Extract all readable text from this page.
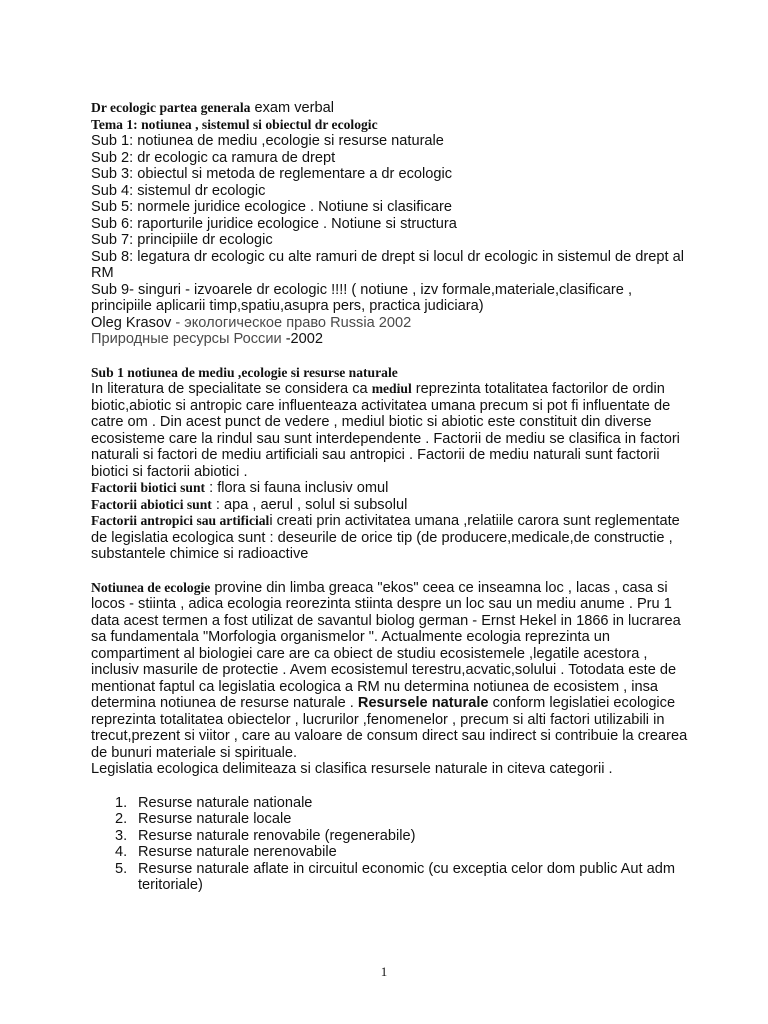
Dr ecologic partea generala exam verbal

Tema 1: notiunea , sistemul si obiectul dr ecologic

Sub 1: notiunea de mediu ,ecologie si resurse naturale

Sub 2: dr ecologic ca ramura de drept

Sub 3: obiectul si metoda de reglementare a dr ecologic

Sub 4: sistemul dr ecologic

Sub 5: normele juridice ecologice . Notiune si clasificare

Sub 6: raporturile juridice ecologice . Notiune si structura

Sub 7: principiile dr ecologic

Sub 8: legatura dr ecologic cu alte ramuri de drept si locul dr ecologic in sistemul de drept al RM

Sub 9- singuri - izvoarele dr ecologic !!!! ( notiune , izv formale,materiale,clasificare , principiile aplicarii timp,spatiu,asupra pers, practica judiciara)

Oleg Krasov - экологическое право Russia 2002

Природные ресурсы России -2002

Sub 1 notiunea de mediu ,ecologie si resurse naturale

In literatura de specialitate se considera ca mediul reprezinta totalitatea factorilor de ordin biotic,abiotic si antropic care influenteaza activitatea umana precum si pot fi influentate de catre om . Din acest punct de vedere , mediul biotic si abiotic este constituit din diverse ecosisteme care la rindul sau sunt interdependente . Factorii de mediu se clasifica in factori naturali si factori de mediu artificiali sau antropici . Factorii de mediu naturali sunt factorii biotici si factorii abiotici .

Factorii biotici sunt : flora si fauna inclusiv omul

Factorii abiotici sunt : apa , aerul , solul si subsolul

Factorii antropici sau artificiali creati prin activitatea umana ,relatiile carora sunt reglementate de legislatia ecologica sunt : deseurile de orice tip (de producere,medicale,de constructie , substantele chimice si radioactive

Notiunea de ecologie provine din limba greaca "ekos" ceea ce inseamna loc , lacas , casa si locos - stiinta , adica ecologia reorezinta stiinta despre un loc sau un mediu anume . Pru 1 data acest termen a fost utilizat de savantul biolog german - Ernst Hekel in 1866 in lucrarea sa fundamentala "Morfologia organismelor ". Actualmente ecologia reprezinta un compartiment al biologiei care are ca obiect de studiu ecosistemele ,legatile acestora , inclusiv masurile de protectie . Avem ecosistemul terestru,acvatic,solului . Totodata este de mentionat faptul ca legislatia ecologica a RM nu determina notiunea de ecosistem , insa determina notiunea de resurse naturale . Resursele naturale conform legislatiei ecologice reprezinta totalitatea obiectelor , lucrurilor ,fenomenelor , precum si alti factori utilizabili in trecut,prezent si viitor , care au valoare de consum direct sau indirect si contribuie la crearea de bunuri materiale si spirituale.

Legislatia ecologica delimiteaza si clasifica resursele naturale in citeva categorii .

1. Resurse naturale nationale
2. Resurse naturale locale
3. Resurse naturale renovabile (regenerabile)
4. Resurse naturale nerenovabile
5. Resurse naturale aflate in circuitul economic (cu exceptia celor dom public Aut adm teritoriale)
1
